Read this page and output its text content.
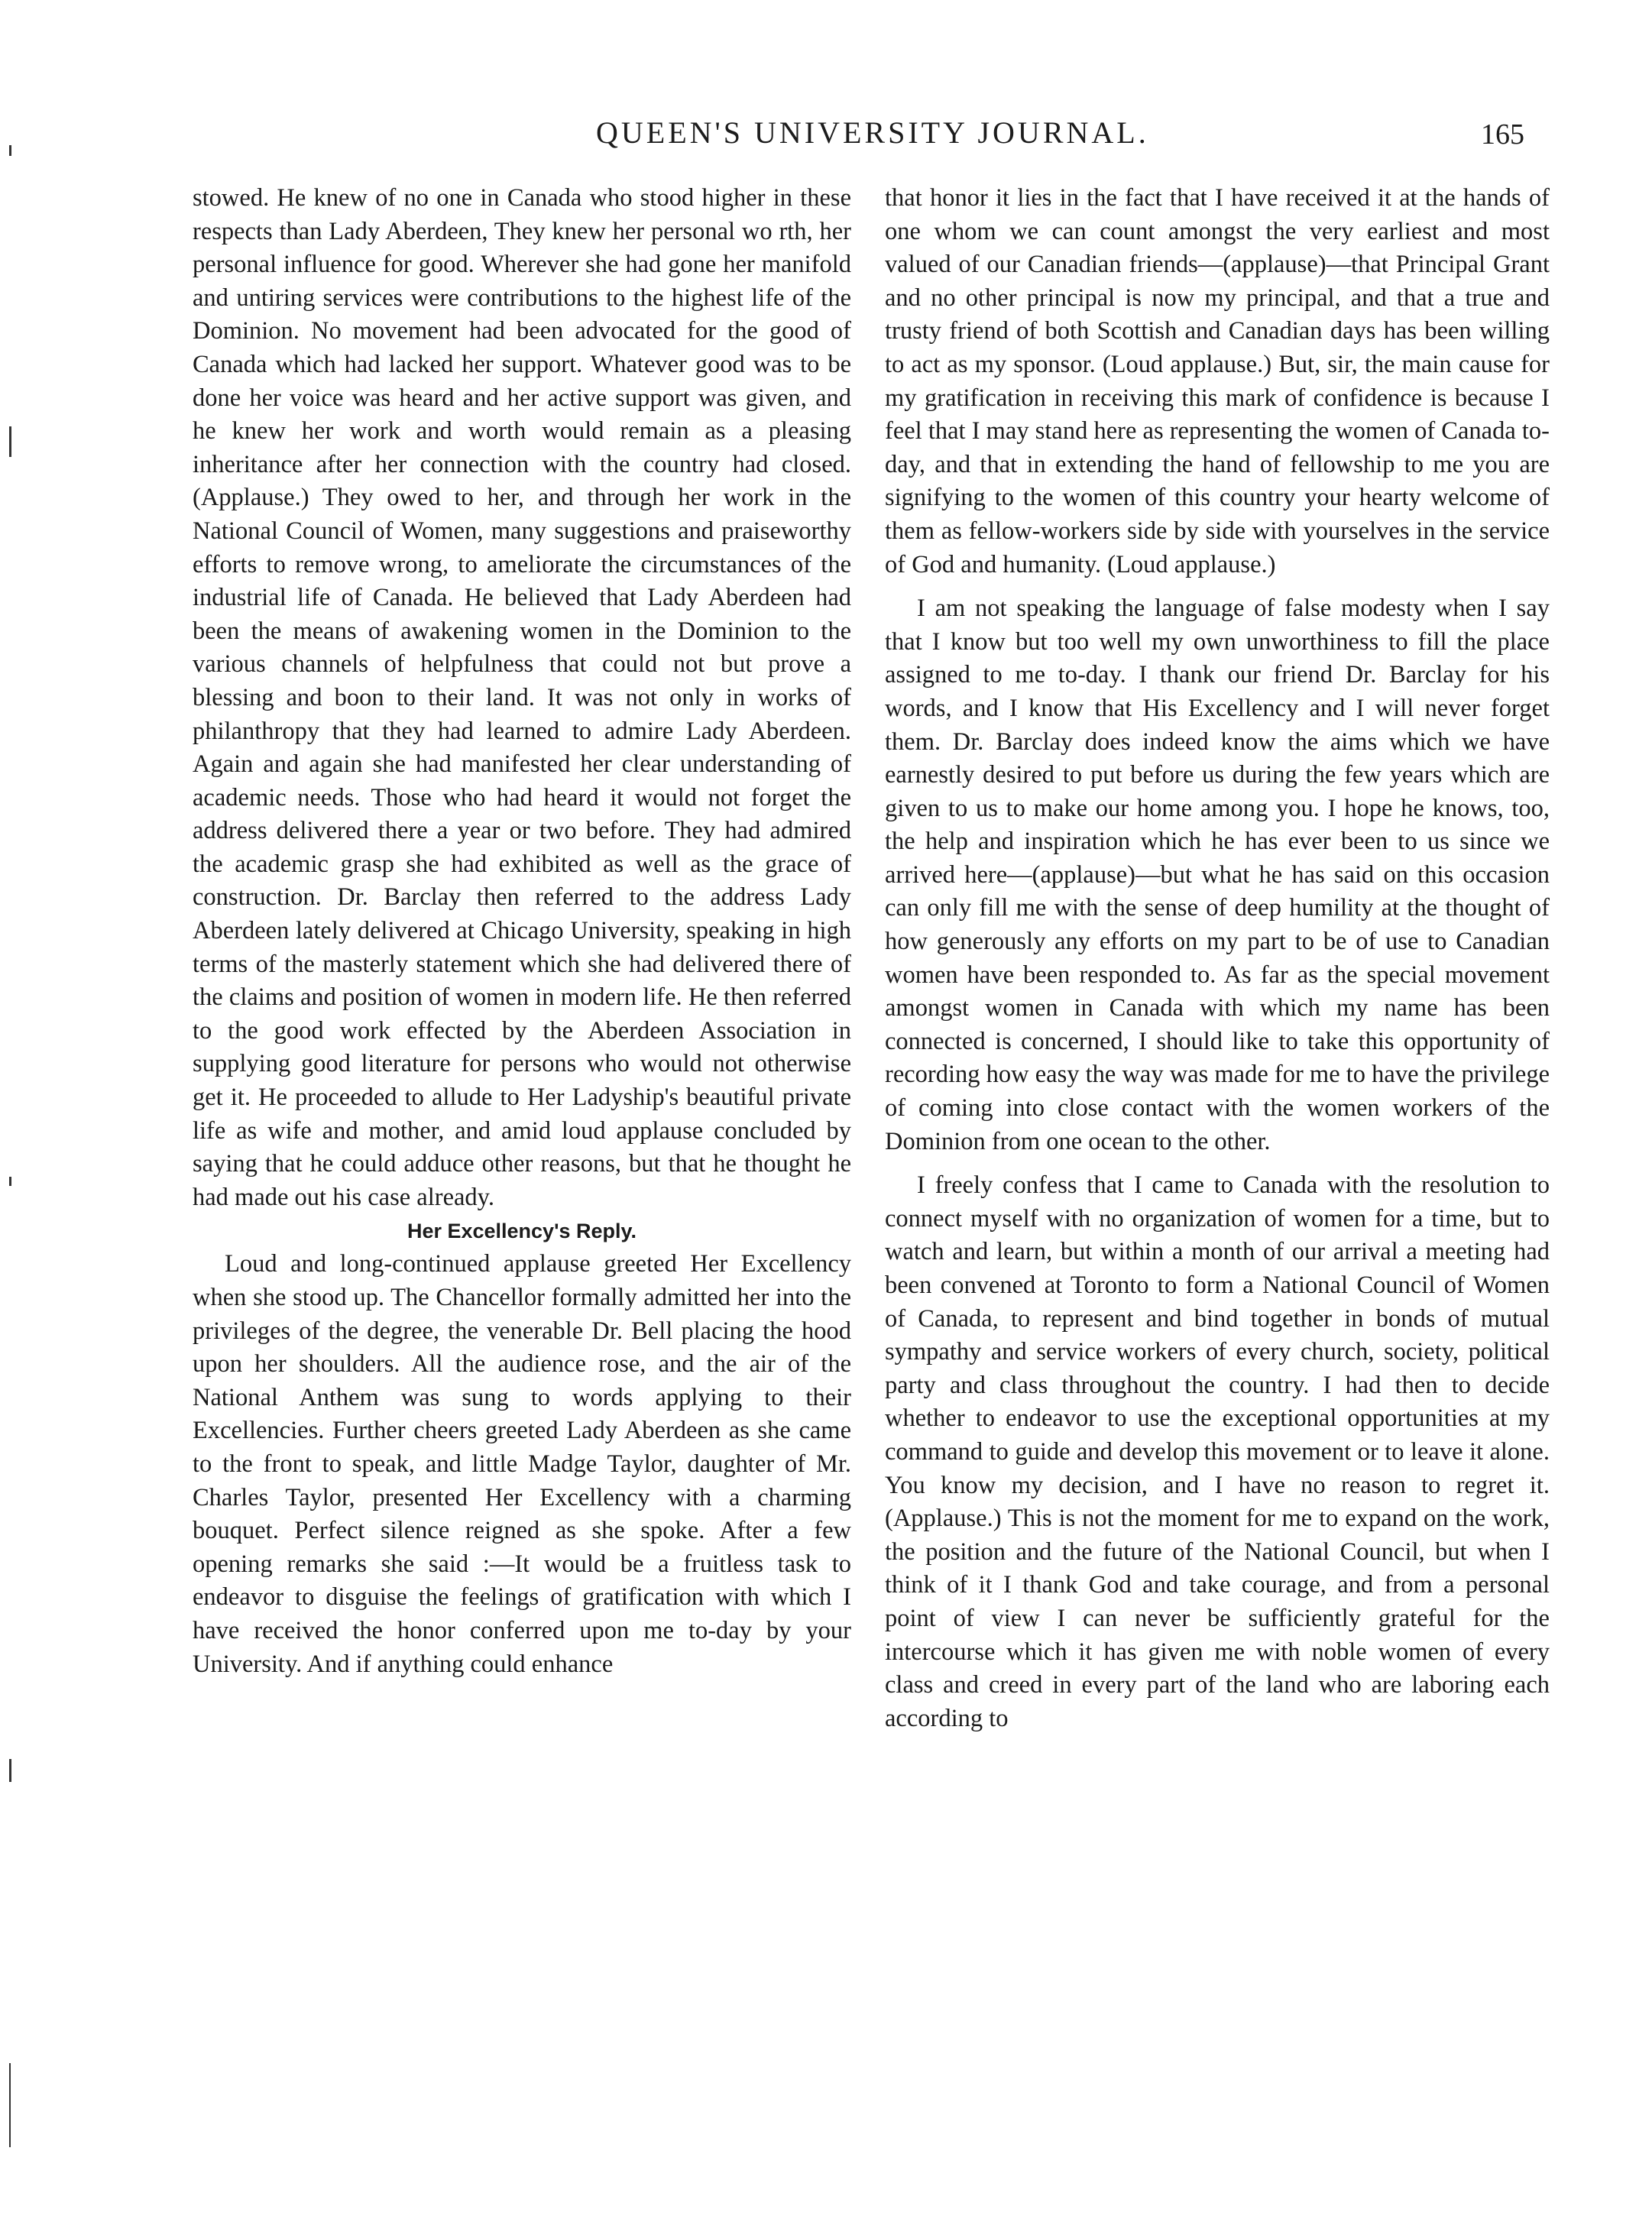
QUEEN'S UNIVERSITY JOURNAL.	165

stowed. He knew of no one in Canada who stood higher in these respects than Lady Aberdeen, They knew her personal wo rth, her personal influence for good. Wherever she had gone her manifold and untiring services were contributions to the highest life of the Dominion. No movement had been advocated for the good of Canada which had lacked her support. Whatever good was to be done her voice was heard and her active support was given, and he knew her work and worth would remain as a pleasing inheritance after her connection with the country had closed. (Applause.) They owed to her, and through her work in the National Council of Women, many suggestions and praiseworthy efforts to remove wrong, to ameliorate the circumstances of the industrial life of Canada. He believed that Lady Aberdeen had been the means of awakening women in the Dominion to the various channels of helpfulness that could not but prove a blessing and boon to their land. It was not only in works of philanthropy that they had learned to admire Lady Aberdeen. Again and again she had manifested her clear understanding of academic needs. Those who had heard it would not forget the address delivered there a year or two before. They had admired the academic grasp she had exhibited as well as the grace of construction. Dr. Barclay then referred to the address Lady Aberdeen lately delivered at Chicago University, speaking in high terms of the masterly statement which she had delivered there of the claims and position of women in modern life. He then referred to the good work effected by the Aberdeen Association in supplying good literature for persons who would not otherwise get it. He proceeded to allude to Her Ladyship's beautiful private life as wife and mother, and amid loud applause concluded by saying that he could adduce other reasons, but that he thought he had made out his case already.

Her Excellency's Reply.

Loud and long-continued applause greeted Her Excellency when she stood up. The Chancellor formally admitted her into the privileges of the degree, the venerable Dr. Bell placing the hood upon her shoulders. All the audience rose, and the air of the National Anthem was sung to words applying to their Excellencies. Further cheers greeted Lady Aberdeen as she came to the front to speak, and little Madge Taylor, daughter of Mr. Charles Taylor, presented Her Excellency with a charming bouquet. Perfect silence reigned as she spoke. After a few opening remarks she said :—It would be a fruitless task to endeavor to disguise the feelings of gratification with which I have received the honor conferred upon me to-day by your University. And if anything could enhance

that honor it lies in the fact that I have received it at the hands of one whom we can count amongst the very earliest and most valued of our Canadian friends—(applause)—that Principal Grant and no other principal is now my principal, and that a true and trusty friend of both Scottish and Canadian days has been willing to act as my sponsor. (Loud applause.) But, sir, the main cause for my gratification in receiving this mark of confidence is because I feel that I may stand here as representing the women of Canada to-day, and that in extending the hand of fellowship to me you are signifying to the women of this country your hearty welcome of them as fellow-workers side by side with yourselves in the service of God and humanity. (Loud applause.)

I am not speaking the language of false modesty when I say that I know but too well my own unworthiness to fill the place assigned to me to-day. I thank our friend Dr. Barclay for his words, and I know that His Excellency and I will never forget them. Dr. Barclay does indeed know the aims which we have earnestly desired to put before us during the few years which are given to us to make our home among you. I hope he knows, too, the help and inspiration which he has ever been to us since we arrived here—(applause)—but what he has said on this occasion can only fill me with the sense of deep humility at the thought of how generously any efforts on my part to be of use to Canadian women have been responded to. As far as the special movement amongst women in Canada with which my name has been connected is concerned, I should like to take this opportunity of recording how easy the way was made for me to have the privilege of coming into close contact with the women workers of the Dominion from one ocean to the other.

I freely confess that I came to Canada with the resolution to connect myself with no organization of women for a time, but to watch and learn, but within a month of our arrival a meeting had been convened at Toronto to form a National Council of Women of Canada, to represent and bind together in bonds of mutual sympathy and service workers of every church, society, political party and class throughout the country. I had then to decide whether to endeavor to use the exceptional opportunities at my command to guide and develop this movement or to leave it alone. You know my decision, and I have no reason to regret it. (Applause.) This is not the moment for me to expand on the work, the position and the future of the National Council, but when I think of it I thank God and take courage, and from a personal point of view I can never be sufficiently grateful for the intercourse which it has given me with noble women of every class and creed in every part of the land who are laboring each according to
